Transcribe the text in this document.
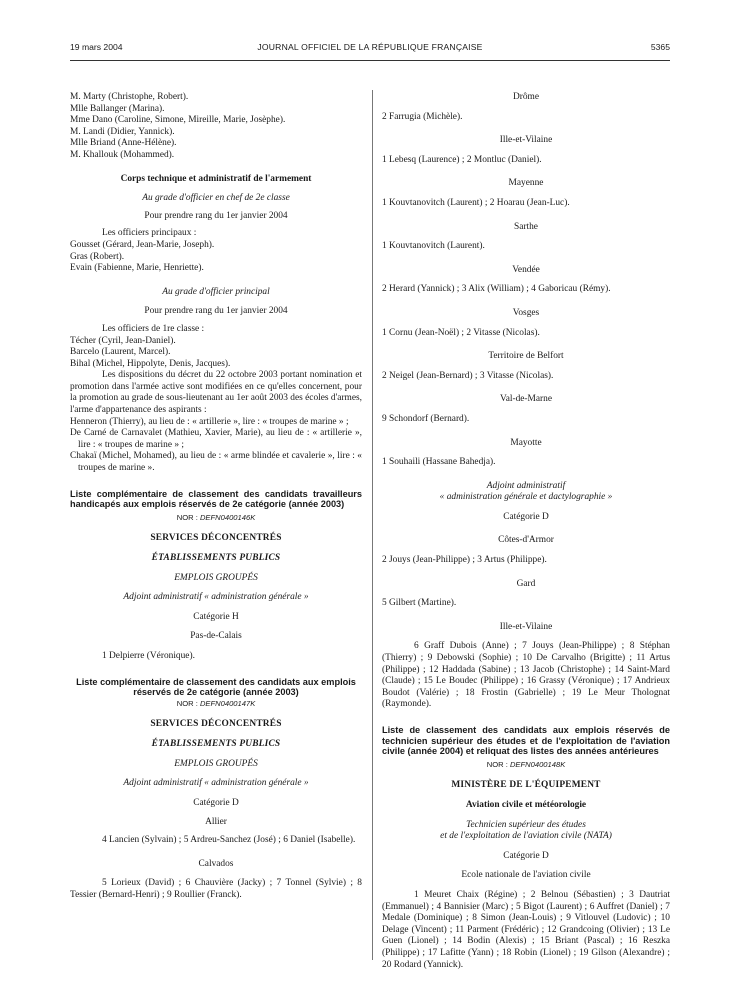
19 mars 2004	JOURNAL OFFICIEL DE LA RÉPUBLIQUE FRANÇAISE	5365

M. Marty (Christophe, Robert).

Mlle Ballanger (Marina).

Mme Dano (Caroline, Simone, Mireille, Marie, Josèphe).

M. Landi (Didier, Yannick).

Mlle Briand (Anne-Hélène).

M. Khallouk (Mohammed).

Corps technique et administratif de l'armement

Au grade d'officier en chef de 2e classe

Pour prendre rang du 1er janvier 2004

Les officiers principaux :

Gousset (Gérard, Jean-Marie, Joseph).

Gras (Robert).

Evain (Fabienne, Marie, Henriette).

Au grade d'officier principal

Pour prendre rang du 1er janvier 2004

Les officiers de 1re classe :

Técher (Cyril, Jean-Daniel).

Barcelo (Laurent, Marcel).

Bihal (Michel, Hippolyte, Denis, Jacques).

Les dispositions du décret du 22 octobre 2003 portant nomination et promotion dans l'armée active sont modifiées en ce qu'elles concernent, pour la promotion au grade de sous-lieutenant au 1er août 2003 des écoles d'armes, l'arme d'appartenance des aspirants :

Henneron (Thierry), au lieu de : « artillerie », lire : « troupes de marine » ;

De Carné de Carnavalet (Mathieu, Xavier, Marie), au lieu de : « artillerie », lire : « troupes de marine » ;

Chakaï (Michel, Mohamed), au lieu de : « arme blindée et cavalerie », lire : « troupes de marine ».

Liste complémentaire de classement des candidats travailleurs handicapés aux emplois réservés de 2e catégorie (année 2003)

NOR : DEFN0400146K

SERVICES DÉCONCENTRÉS

ÉTABLISSEMENTS PUBLICS

EMPLOIS GROUPÉS

Adjoint administratif « administration générale »

Catégorie H

Pas-de-Calais

1 Delpierre (Véronique).

Liste complémentaire de classement des candidats aux emplois réservés de 2e catégorie (année 2003)

NOR : DEFN0400147K

SERVICES DÉCONCENTRÉS

ÉTABLISSEMENTS PUBLICS

EMPLOIS GROUPÉS

Adjoint administratif « administration générale »

Catégorie D

Allier

4 Lancien (Sylvain) ; 5 Ardreu-Sanchez (José) ; 6 Daniel (Isabelle).

Calvados

5 Lorieux (David) ; 6 Chauvière (Jacky) ; 7 Tonnel (Sylvie) ; 8 Tessier (Bernard-Henri) ; 9 Roullier (Franck).

Drôme

2 Farrugia (Michèle).

Ille-et-Vilaine

1 Lebesq (Laurence) ; 2 Montluc (Daniel).

Mayenne

1 Kouvtanovitch (Laurent) ; 2 Hoarau (Jean-Luc).

Sarthe

1 Kouvtanovitch (Laurent).

Vendée

2 Herard (Yannick) ; 3 Alix (William) ; 4 Gaboricau (Rémy).

Vosges

1 Cornu (Jean-Noël) ; 2 Vitasse (Nicolas).

Territoire de Belfort

2 Neigel (Jean-Bernard) ; 3 Vitasse (Nicolas).

Val-de-Marne

9 Schondorf (Bernard).

Mayotte

1 Souhaili (Hassane Bahedja).

Adjoint administratif

« administration générale et dactylographie »

Catégorie D

Côtes-d'Armor

2 Jouys (Jean-Philippe) ; 3 Artus (Philippe).

Gard

5 Gilbert (Martine).

Ille-et-Vilaine

6 Graff Dubois (Anne) ; 7 Jouys (Jean-Philippe) ; 8 Stéphan (Thierry) ; 9 Debowski (Sophie) ; 10 De Carvalho (Brigitte) ; 11 Artus (Philippe) ; 12 Haddada (Sabine) ; 13 Jacob (Christophe) ; 14 Saint-Mard (Claude) ; 15 Le Boudec (Philippe) ; 16 Grassy (Véronique) ; 17 Andrieux Boudot (Valérie) ; 18 Frostin (Gabrielle) ; 19 Le Meur Tholognat (Raymonde).

Liste de classement des candidats aux emplois réservés de technicien supérieur des études et de l'exploitation de l'aviation civile (année 2004) et reliquat des listes des années antérieures

NOR : DEFN0400148K

MINISTÈRE DE L'ÉQUIPEMENT

Aviation civile et météorologie

Technicien supérieur des études

et de l'exploitation de l'aviation civile (NATA)

Catégorie D

Ecole nationale de l'aviation civile

1 Meuret Chaix (Régine) ; 2 Belnou (Sébastien) ; 3 Dautriat (Emmanuel) ; 4 Bannisier (Marc) ; 5 Bigot (Laurent) ; 6 Auffret (Daniel) ; 7 Medale (Dominique) ; 8 Simon (Jean-Louis) ; 9 Vitlouvel (Ludovic) ; 10 Delage (Vincent) ; 11 Parment (Frédéric) ; 12 Grandcoing (Olivier) ; 13 Le Guen (Lionel) ; 14 Bodin (Alexis) ; 15 Briant (Pascal) ; 16 Reszka (Philippe) ; 17 Lafitte (Yann) ; 18 Robin (Lionel) ; 19 Gilson (Alexandre) ; 20 Rodard (Yannick).
